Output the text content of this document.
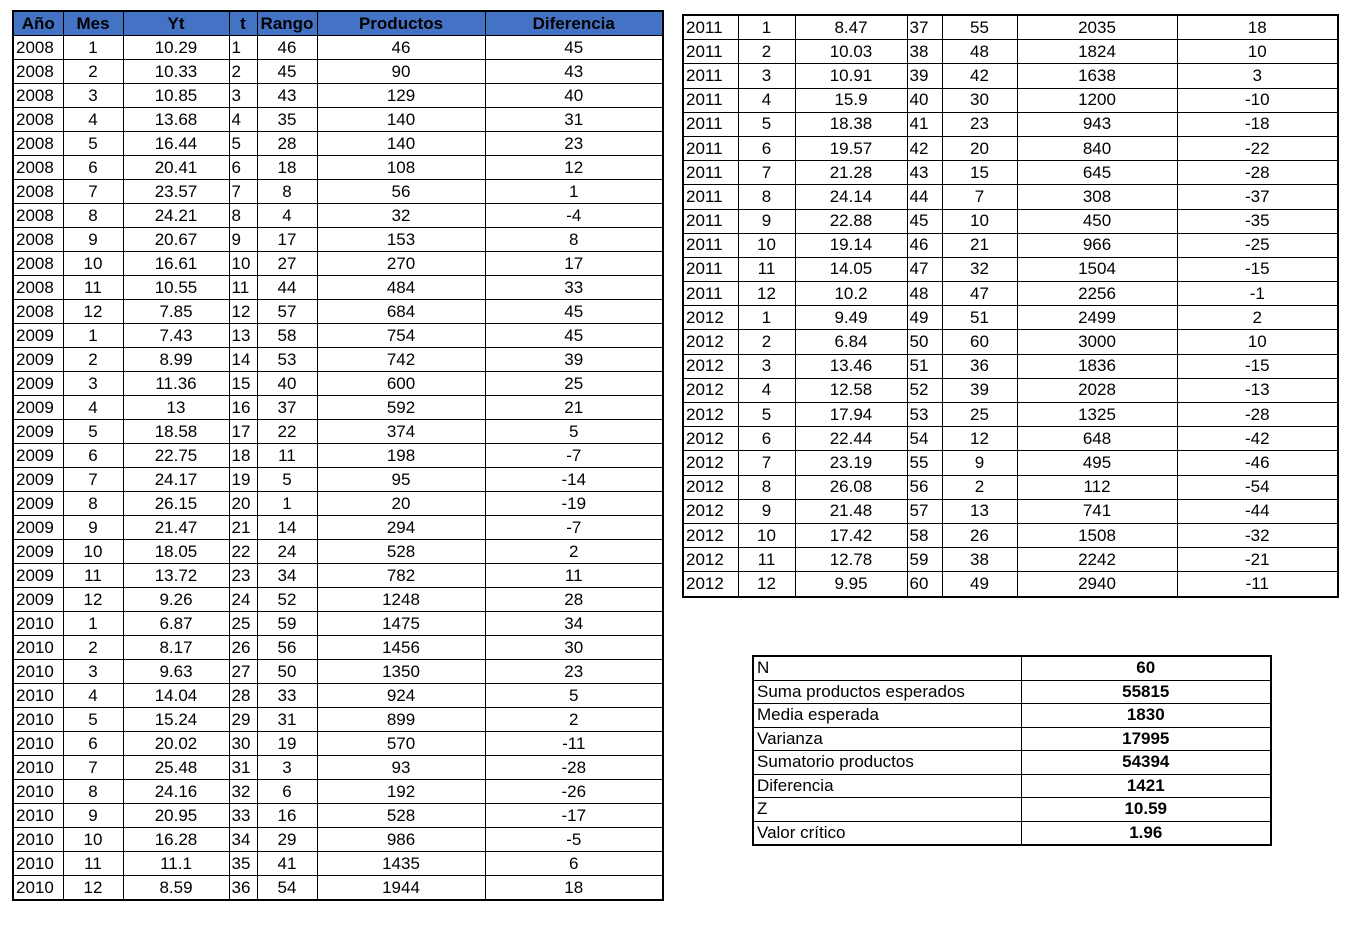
Año	Mes	Yt	t	Rango	Productos	Diferencia
2008	1	10.29	1	46	46	45
2008	2	10.33	2	45	90	43
2008	3	10.85	3	43	129	40
2008	4	13.68	4	35	140	31
2008	5	16.44	5	28	140	23
2008	6	20.41	6	18	108	12
2008	7	23.57	7	8	56	1
2008	8	24.21	8	4	32	-4
2008	9	20.67	9	17	153	8
2008	10	16.61	10	27	270	17
2008	11	10.55	11	44	484	33
2008	12	7.85	12	57	684	45
2009	1	7.43	13	58	754	45
2009	2	8.99	14	53	742	39
2009	3	11.36	15	40	600	25
2009	4	13	16	37	592	21
2009	5	18.58	17	22	374	5
2009	6	22.75	18	11	198	-7
2009	7	24.17	19	5	95	-14
2009	8	26.15	20	1	20	-19
2009	9	21.47	21	14	294	-7
2009	10	18.05	22	24	528	2
2009	11	13.72	23	34	782	11
2009	12	9.26	24	52	1248	28
2010	1	6.87	25	59	1475	34
2010	2	8.17	26	56	1456	30
2010	3	9.63	27	50	1350	23
2010	4	14.04	28	33	924	5
2010	5	15.24	29	31	899	2
2010	6	20.02	30	19	570	-11
2010	7	25.48	31	3	93	-28
2010	8	24.16	32	6	192	-26
2010	9	20.95	33	16	528	-17
2010	10	16.28	34	29	986	-5
2010	11	11.1	35	41	1435	6
2010	12	8.59	36	54	1944	18
2011	1	8.47	37	55	2035	18
2011	2	10.03	38	48	1824	10
2011	3	10.91	39	42	1638	3
2011	4	15.9	40	30	1200	-10
2011	5	18.38	41	23	943	-18
2011	6	19.57	42	20	840	-22
2011	7	21.28	43	15	645	-28
2011	8	24.14	44	7	308	-37
2011	9	22.88	45	10	450	-35
2011	10	19.14	46	21	966	-25
2011	11	14.05	47	32	1504	-15
2011	12	10.2	48	47	2256	-1
2012	1	9.49	49	51	2499	2
2012	2	6.84	50	60	3000	10
2012	3	13.46	51	36	1836	-15
2012	4	12.58	52	39	2028	-13
2012	5	17.94	53	25	1325	-28
2012	6	22.44	54	12	648	-42
2012	7	23.19	55	9	495	-46
2012	8	26.08	56	2	112	-54
2012	9	21.48	57	13	741	-44
2012	10	17.42	58	26	1508	-32
2012	11	12.78	59	38	2242	-21
2012	12	9.95	60	49	2940	-11
N	60
Suma productos esperados	55815
Media esperada	1830
Varianza	17995
Sumatorio productos	54394
Diferencia	1421
Z	10.59
Valor crítico	1.96
